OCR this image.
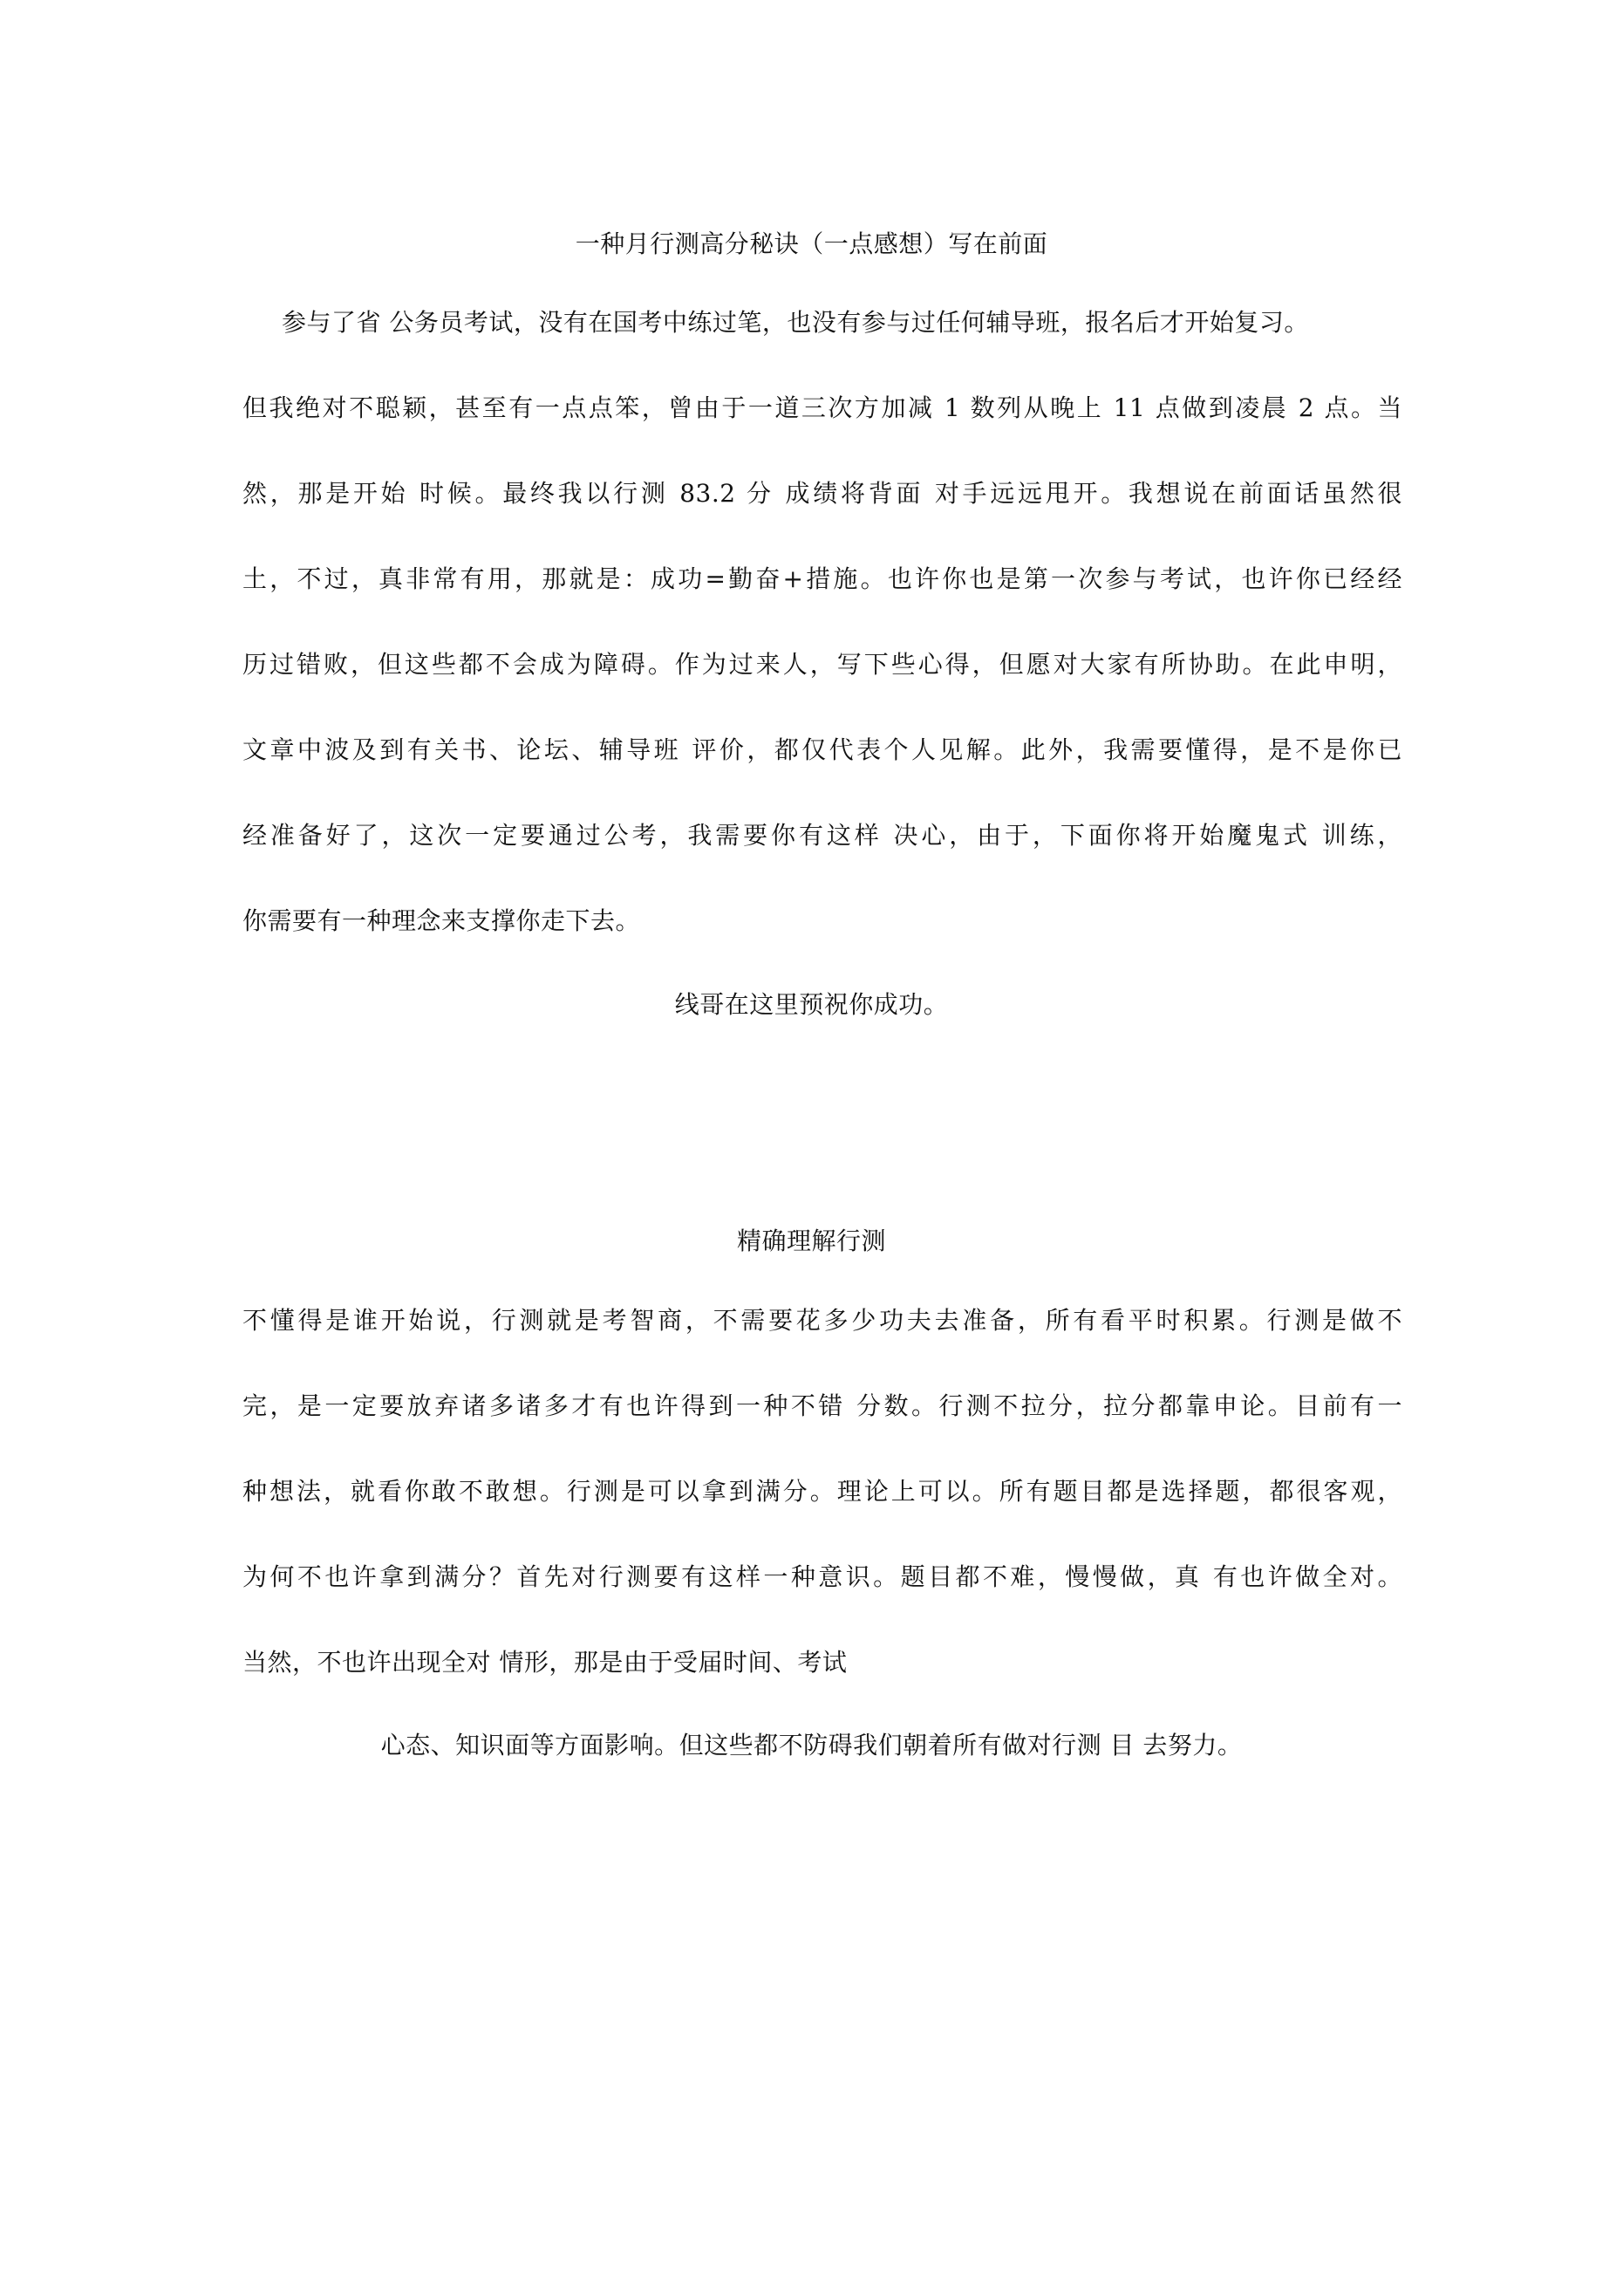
一种月行测高分秘诀（一点感想）写在前面
参与了省 公务员考试，没有在国考中练过笔，也没有参与过任何辅导班，报名后才开始复习。
但我绝对不聪颖，甚至有一点点笨，曾由于一道三次方加减 1 数列从晚上 11 点做到凌晨 2 点。当
然，那是开始 时候。最终我以行测 83.2 分 成绩将背面 对手远远甩开。我想说在前面话虽然很
土，不过，真非常有用，那就是：成功=勤奋+措施。也许你也是第一次参与考试，也许你已经经
历过错败，但这些都不会成为障碍。作为过来人，写下些心得，但愿对大家有所协助。在此申明，
文章中波及到有关书、论坛、辅导班 评价，都仅代表个人见解。此外，我需要懂得，是不是你已
经准备好了，这次一定要通过公考，我需要你有这样 决心，由于，下面你将开始魔鬼式 训练，
你需要有一种理念来支撑你走下去。
线哥在这里预祝你成功。
精确理解行测
不懂得是谁开始说，行测就是考智商，不需要花多少功夫去准备，所有看平时积累。行测是做不
完，是一定要放弃诸多诸多才有也许得到一种不错 分数。行测不拉分，拉分都靠申论。目前有一
种想法，就看你敢不敢想。行测是可以拿到满分。理论上可以。所有题目都是选择题，都很客观，
为何不也许拿到满分？首先对行测要有这样一种意识。题目都不难，慢慢做，真 有也许做全对。
当然，不也许出现全对 情形，那是由于受届时间、考试
心态、知识面等方面影响。但这些都不防碍我们朝着所有做对行测 目 去努力。
